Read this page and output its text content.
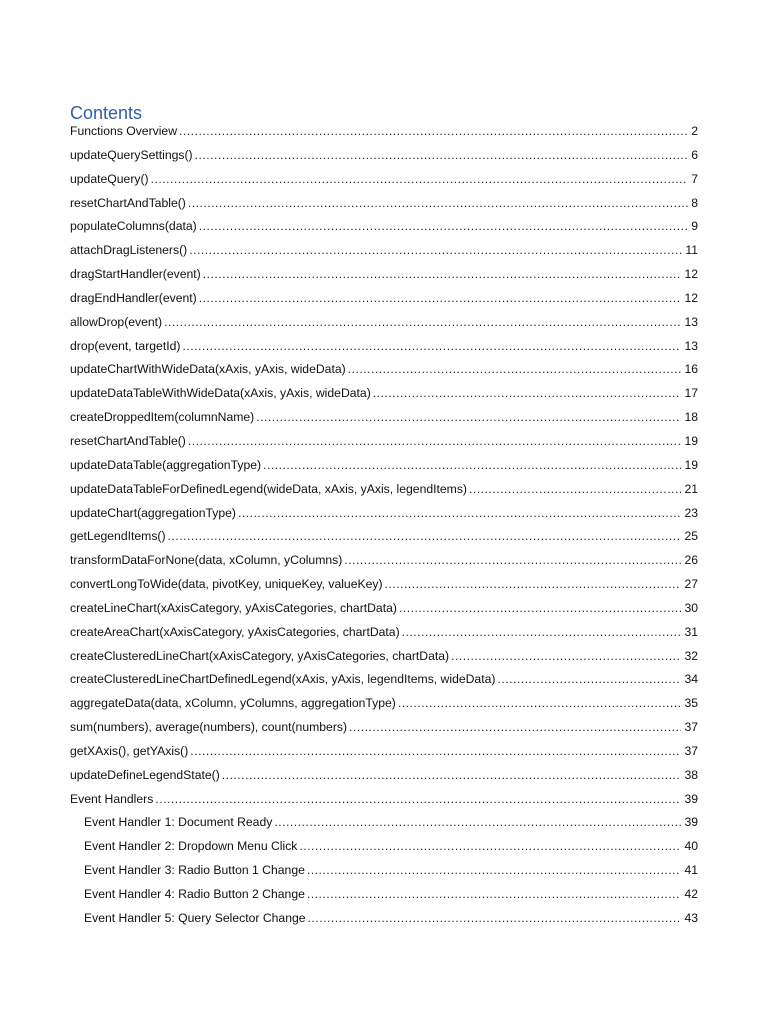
Contents
Functions Overview .....	2
updateQuerySettings() .....	6
updateQuery() .....	7
resetChartAndTable() .....	8
populateColumns(data) .....	9
attachDragListeners() .....	11
dragStartHandler(event) .....	12
dragEndHandler(event) .....	12
allowDrop(event) .....	13
drop(event, targetId) .....	13
updateChartWithWideData(xAxis, yAxis, wideData) .....	16
updateDataTableWithWideData(xAxis, yAxis, wideData) .....	17
createDroppedItem(columnName) .....	18
resetChartAndTable() .....	19
updateDataTable(aggregationType) .....	19
updateDataTableForDefinedLegend(wideData, xAxis, yAxis, legendItems) .....	21
updateChart(aggregationType) .....	23
getLegendItems() .....	25
transformDataForNone(data, xColumn, yColumns) .....	26
convertLongToWide(data, pivotKey, uniqueKey, valueKey) .....	27
createLineChart(xAxisCategory, yAxisCategories, chartData) .....	30
createAreaChart(xAxisCategory, yAxisCategories, chartData) .....	31
createClusteredLineChart(xAxisCategory, yAxisCategories, chartData) .....	32
createClusteredLineChartDefinedLegend(xAxis, yAxis, legendItems, wideData) .....	34
aggregateData(data, xColumn, yColumns, aggregationType) .....	35
sum(numbers), average(numbers), count(numbers) .....	37
getXAxis(), getYAxis() .....	37
updateDefineLegendState() .....	38
Event Handlers .....	39
Event Handler 1: Document Ready .....	39
Event Handler 2: Dropdown Menu Click .....	40
Event Handler 3: Radio Button 1 Change .....	41
Event Handler 4: Radio Button 2 Change .....	42
Event Handler 5: Query Selector Change .....	43
